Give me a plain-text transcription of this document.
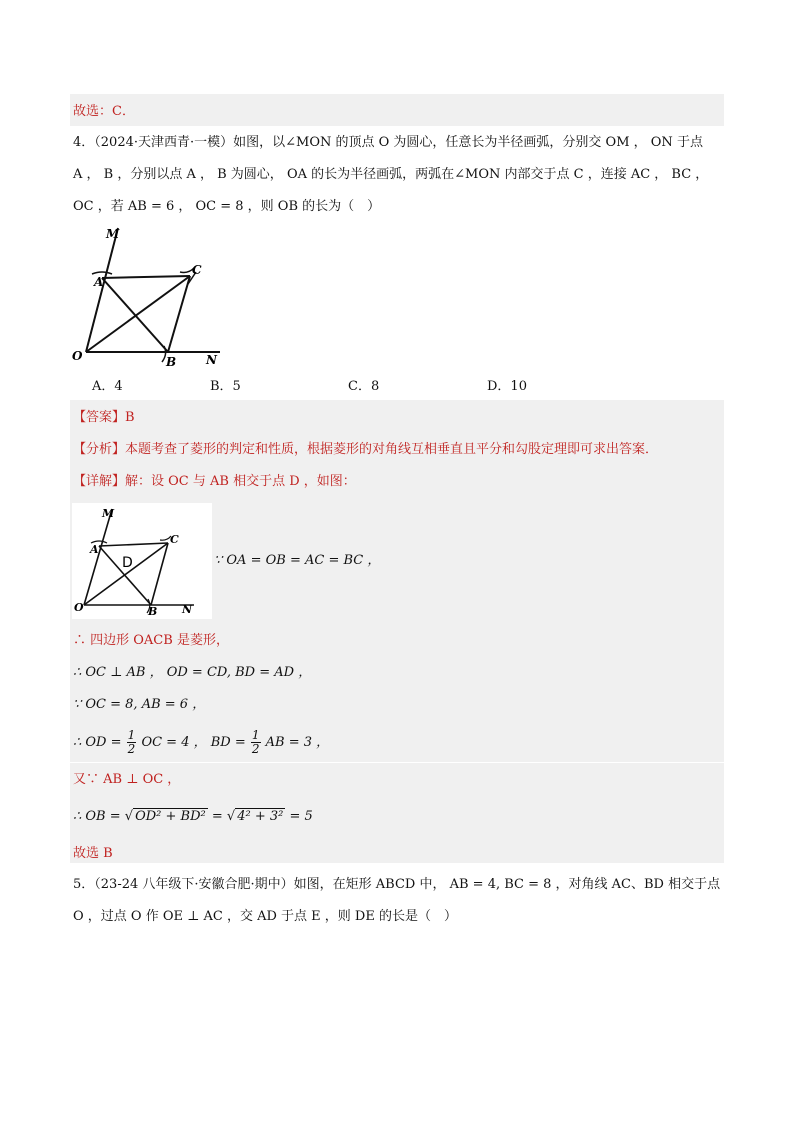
故选：C．
4．（2024·天津西青·一模）如图，以∠MON 的顶点 O 为圆心，任意长为半径画弧，分别交 OM ， ON 于点
A ， B ，分别以点 A ， B 为圆心， OA 的长为半径画弧，两弧在∠MON 内部交于点 C ，连接 AC ， BC ，
OC ，若 AB = 6 ， OC = 8 ，则 OB 的长为（　）
M
A
C
O	B N
A．4	B．5	C．8	D．10
【答案】B
【分析】本题考查了菱形的判定和性质，根据菱形的对角线互相垂直且平分和勾股定理即可求出答案．
【详解】解：设 OC 与 AB 相交于点 D ，如图：
M
A
C
D
O	B N
∵ OA = OB = AC = BC ，
∴ 四边形 OACB 是菱形，
∴ OC ⊥ AB ， OD = CD, BD = AD ，
∵ OC = 8, AB = 6 ，
∴ OD = $\frac{1}{2}$ OC = 4 ， BD = $\frac{1}{2}$ AB = 3 ，
又∵ AB ⊥ OC ，
∴ OB = √ OD² + BD² = √ 4² + 3² = 5
故选 B
5．（23-24 八年级下·安徽合肥·期中）如图，在矩形 ABCD 中， AB = 4, BC = 8 ，对角线 AC、BD 相交于点
O ，过点 O 作 OE ⊥ AC ，交 AD 于点 E ，则 DE 的长是（　）
